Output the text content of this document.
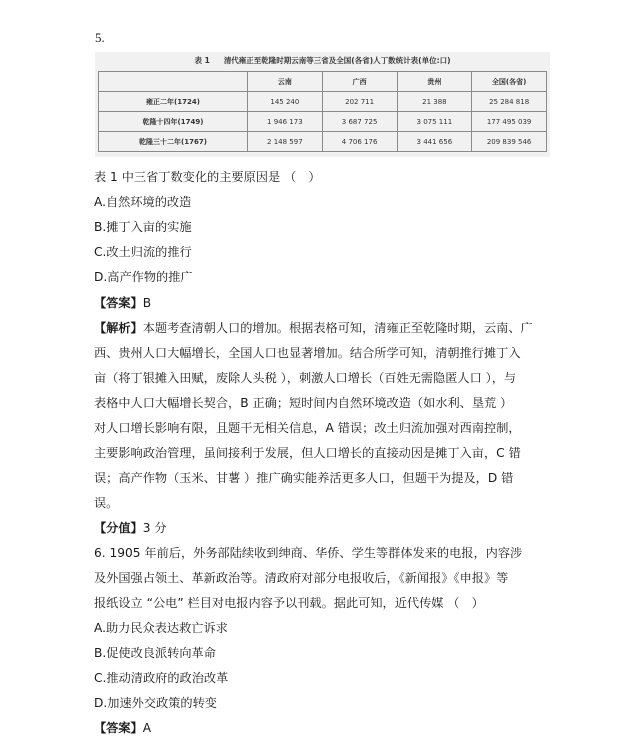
5.
表 1 清代雍正至乾隆时期云南等三省及全国(各省)人丁数统计表(单位:口)
	云南	广西	贵州	全国(各省)
雍正二年(1724)	145 240	202 711	21 388	25 284 818
乾隆十四年(1749)	1 946 173	3 687 725	3 075 111	177 495 039
乾隆三十二年(1767)	2 148 597	4 706 176	3 441 656	209 839 546
表 1 中三省丁数变化的主要原因是 （　）
A.自然环境的改造
B.摊丁入亩的实施
C.改土归流的推行
D.高产作物的推广
【答案】B
【解析】本题考查清朝人口的增加。根据表格可知，清雍正至乾隆时期，云南、广
西、贵州人口大幅增长，全国人口也显著增加。结合所学可知，清朝推行摊丁入
亩（将丁银摊入田赋，废除人头税 ），刺激人口增长（百姓无需隐匿人口 ），与
表格中人口大幅增长契合，B 正确；短时间内自然环境改造（如水利、垦荒 ）
对人口增长影响有限，且题干无相关信息，A 错误；改土归流加强对西南控制，
主要影响政治管理，虽间接利于发展，但人口增长的直接动因是摊丁入亩，C 错
误；高产作物（玉米、甘薯 ）推广确实能养活更多人口，但题干为提及，D 错
误。
【分值】3 分
6. 1905 年前后，外务部陆续收到绅商、华侨、学生等群体发来的电报，内容涉
及外国强占领土、革新政治等。清政府对部分电报收后，《新闻报》《申报》等
报纸设立 “公电” 栏目对电报内容予以刊载。据此可知，近代传媒 （　）
A.助力民众表达救亡诉求
B.促使改良派转向革命
C.推动清政府的政治改革
D.加速外交政策的转变
【答案】A
